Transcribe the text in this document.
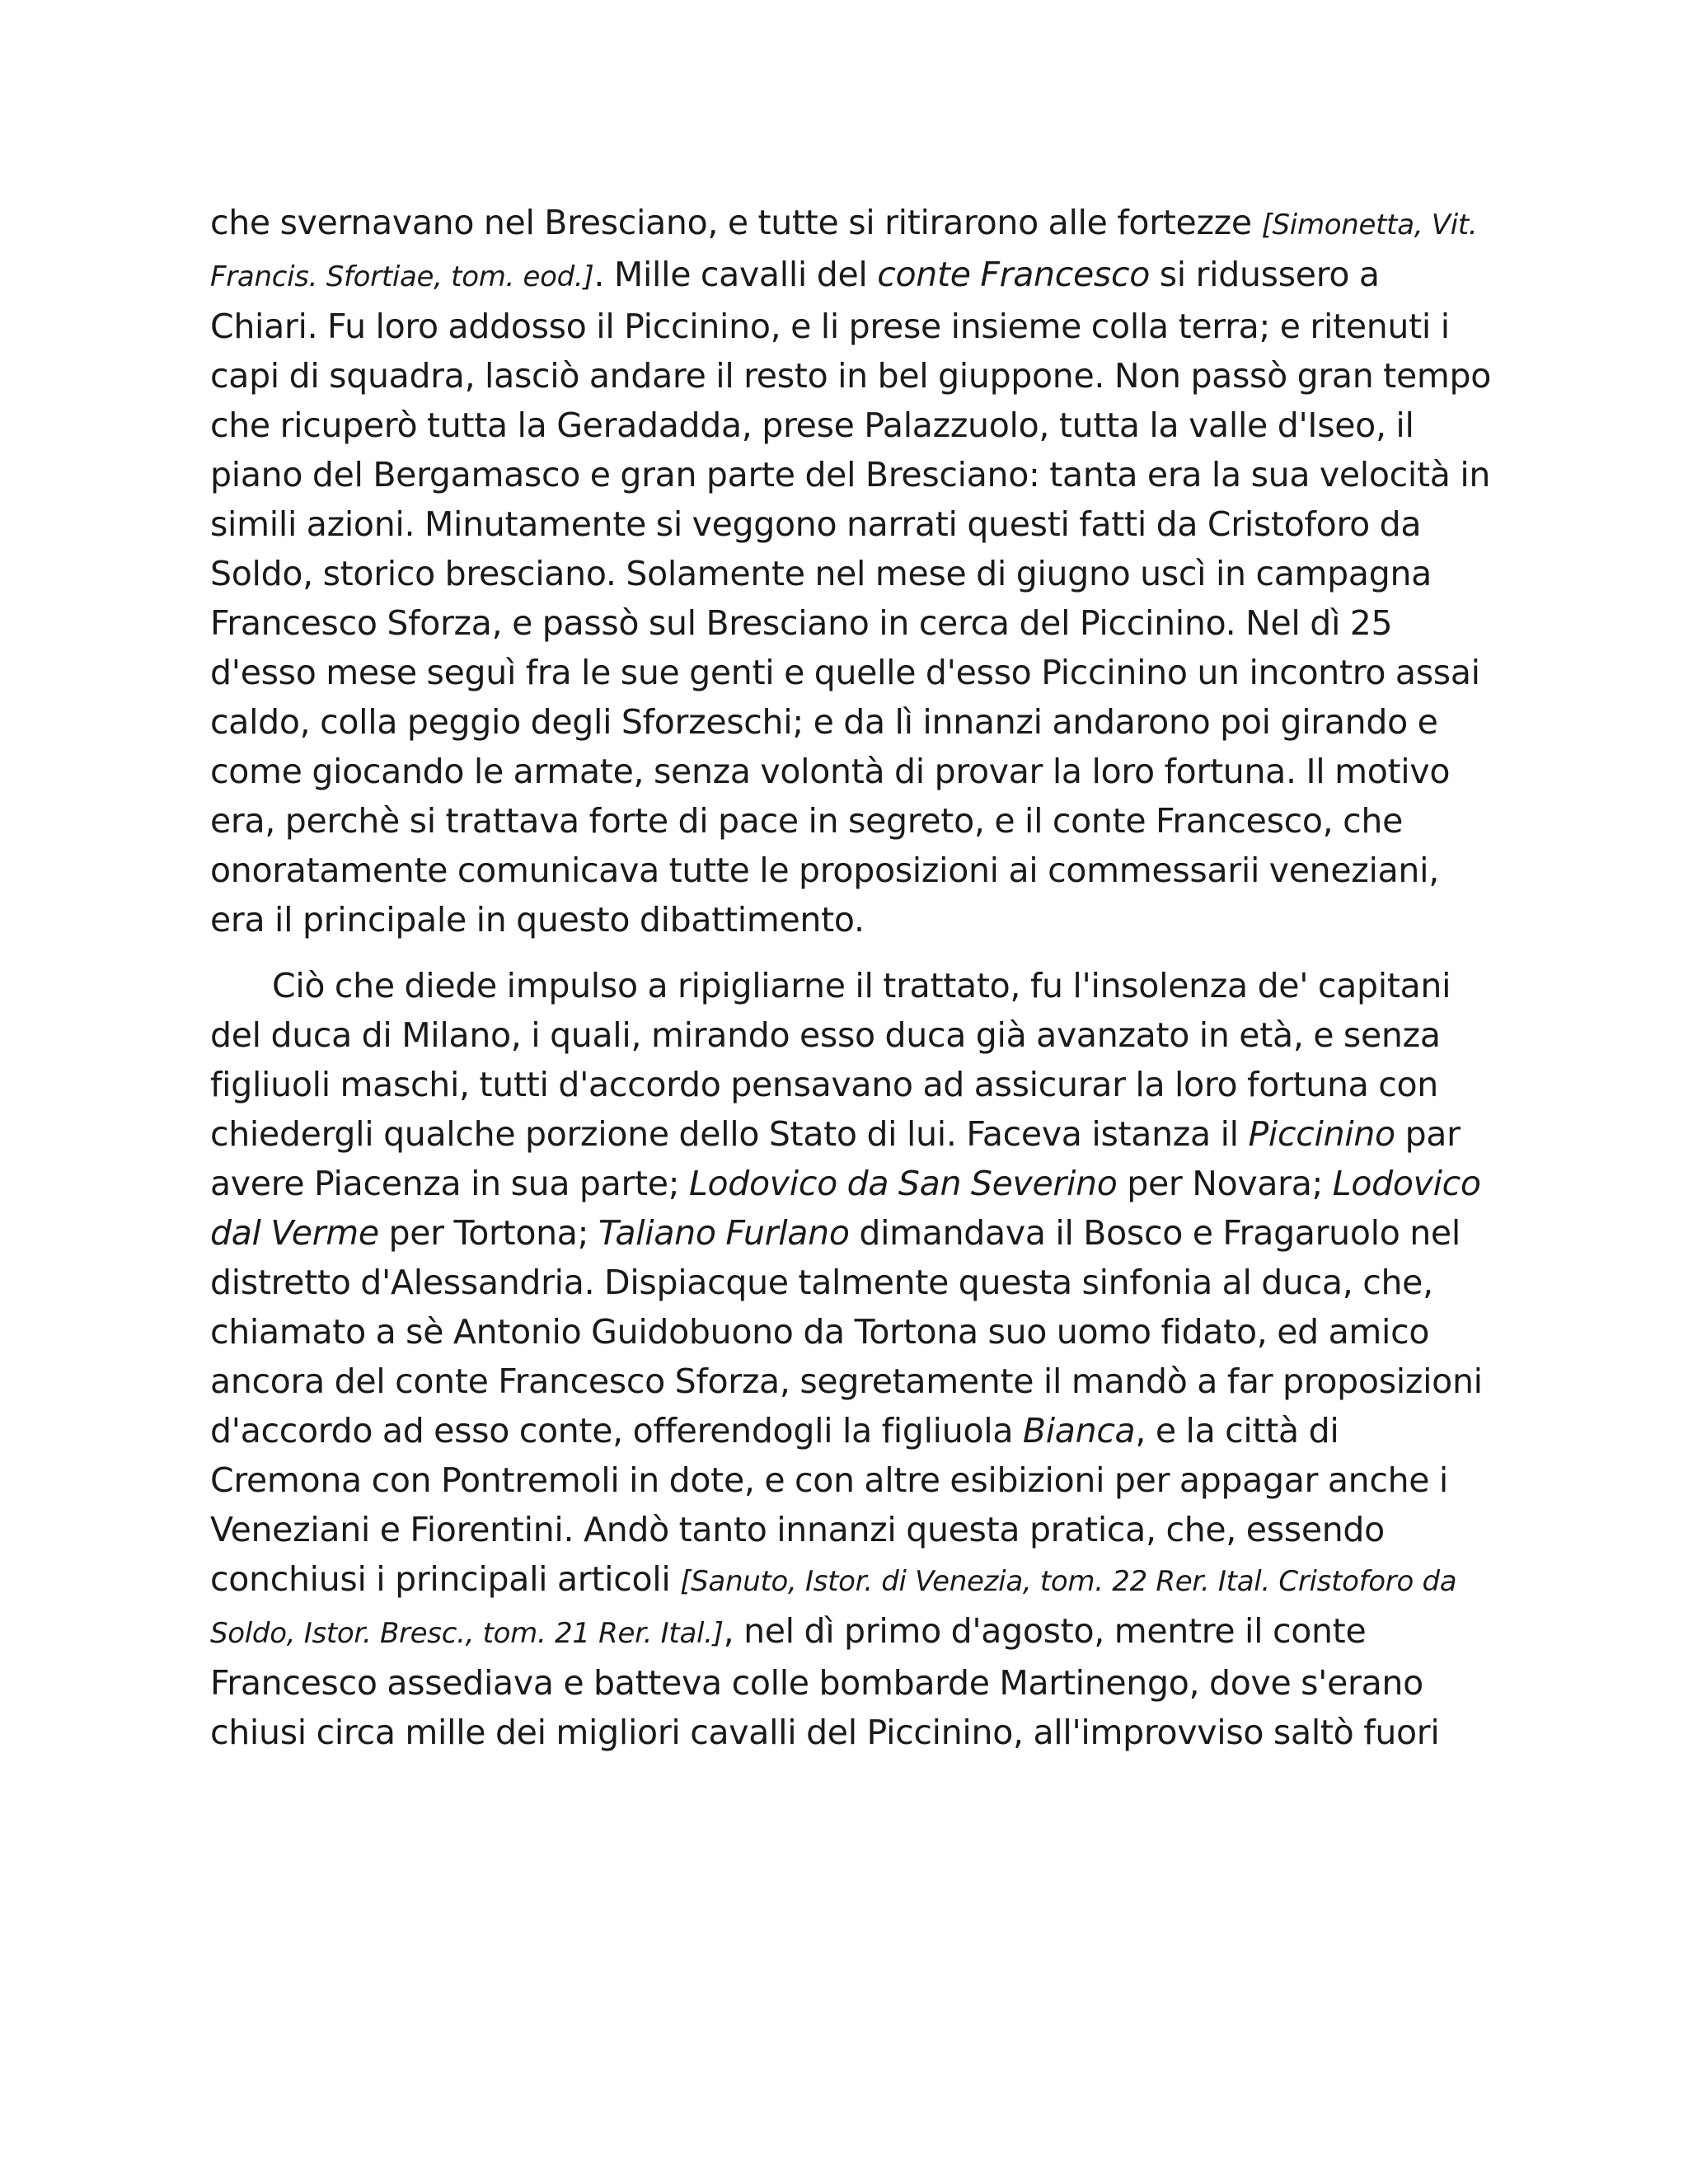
che svernavano nel Bresciano, e tutte si ritirarono alle fortezze [Simonetta, Vit. Francis. Sfortiae, tom. eod.]. Mille cavalli del conte Francesco si ridussero a Chiari. Fu loro addosso il Piccinino, e li prese insieme colla terra; e ritenuti i capi di squadra, lasciò andare il resto in bel giuppone. Non passò gran tempo che ricuperò tutta la Geradadda, prese Palazzuolo, tutta la valle d'Iseo, il piano del Bergamasco e gran parte del Bresciano: tanta era la sua velocità in simili azioni. Minutamente si veggono narrati questi fatti da Cristoforo da Soldo, storico bresciano. Solamente nel mese di giugno uscì in campagna Francesco Sforza, e passò sul Bresciano in cerca del Piccinino. Nel dì 25 d'esso mese seguì fra le sue genti e quelle d'esso Piccinino un incontro assai caldo, colla peggio degli Sforzeschi; e da lì innanzi andarono poi girando e come giocando le armate, senza volontà di provar la loro fortuna. Il motivo era, perchè si trattava forte di pace in segreto, e il conte Francesco, che onoratamente comunicava tutte le proposizioni ai commessarii veneziani, era il principale in questo dibattimento.

Ciò che diede impulso a ripigliarne il trattato, fu l'insolenza de' capitani del duca di Milano, i quali, mirando esso duca già avanzato in età, e senza figliuoli maschi, tutti d'accordo pensavano ad assicurar la loro fortuna con chiedergli qualche porzione dello Stato di lui. Faceva istanza il Piccinino par avere Piacenza in sua parte; Lodovico da San Severino per Novara; Lodovico dal Verme per Tortona; Taliano Furlano dimandava il Bosco e Fragaruolo nel distretto d'Alessandria. Dispiacque talmente questa sinfonia al duca, che, chiamato a sè Antonio Guidobuono da Tortona suo uomo fidato, ed amico ancora del conte Francesco Sforza, segretamente il mandò a far proposizioni d'accordo ad esso conte, offerendogli la figliuola Bianca, e la città di Cremona con Pontremoli in dote, e con altre esibizioni per appagar anche i Veneziani e Fiorentini. Andò tanto innanzi questa pratica, che, essendo conchiusi i principali articoli [Sanuto, Istor. di Venezia, tom. 22 Rer. Ital. Cristoforo da Soldo, Istor. Bresc., tom. 21 Rer. Ital.], nel dì primo d'agosto, mentre il conte Francesco assediava e batteva colle bombarde Martinengo, dove s'erano chiusi circa mille dei migliori cavalli del Piccinino, all'improvviso saltò fuori
